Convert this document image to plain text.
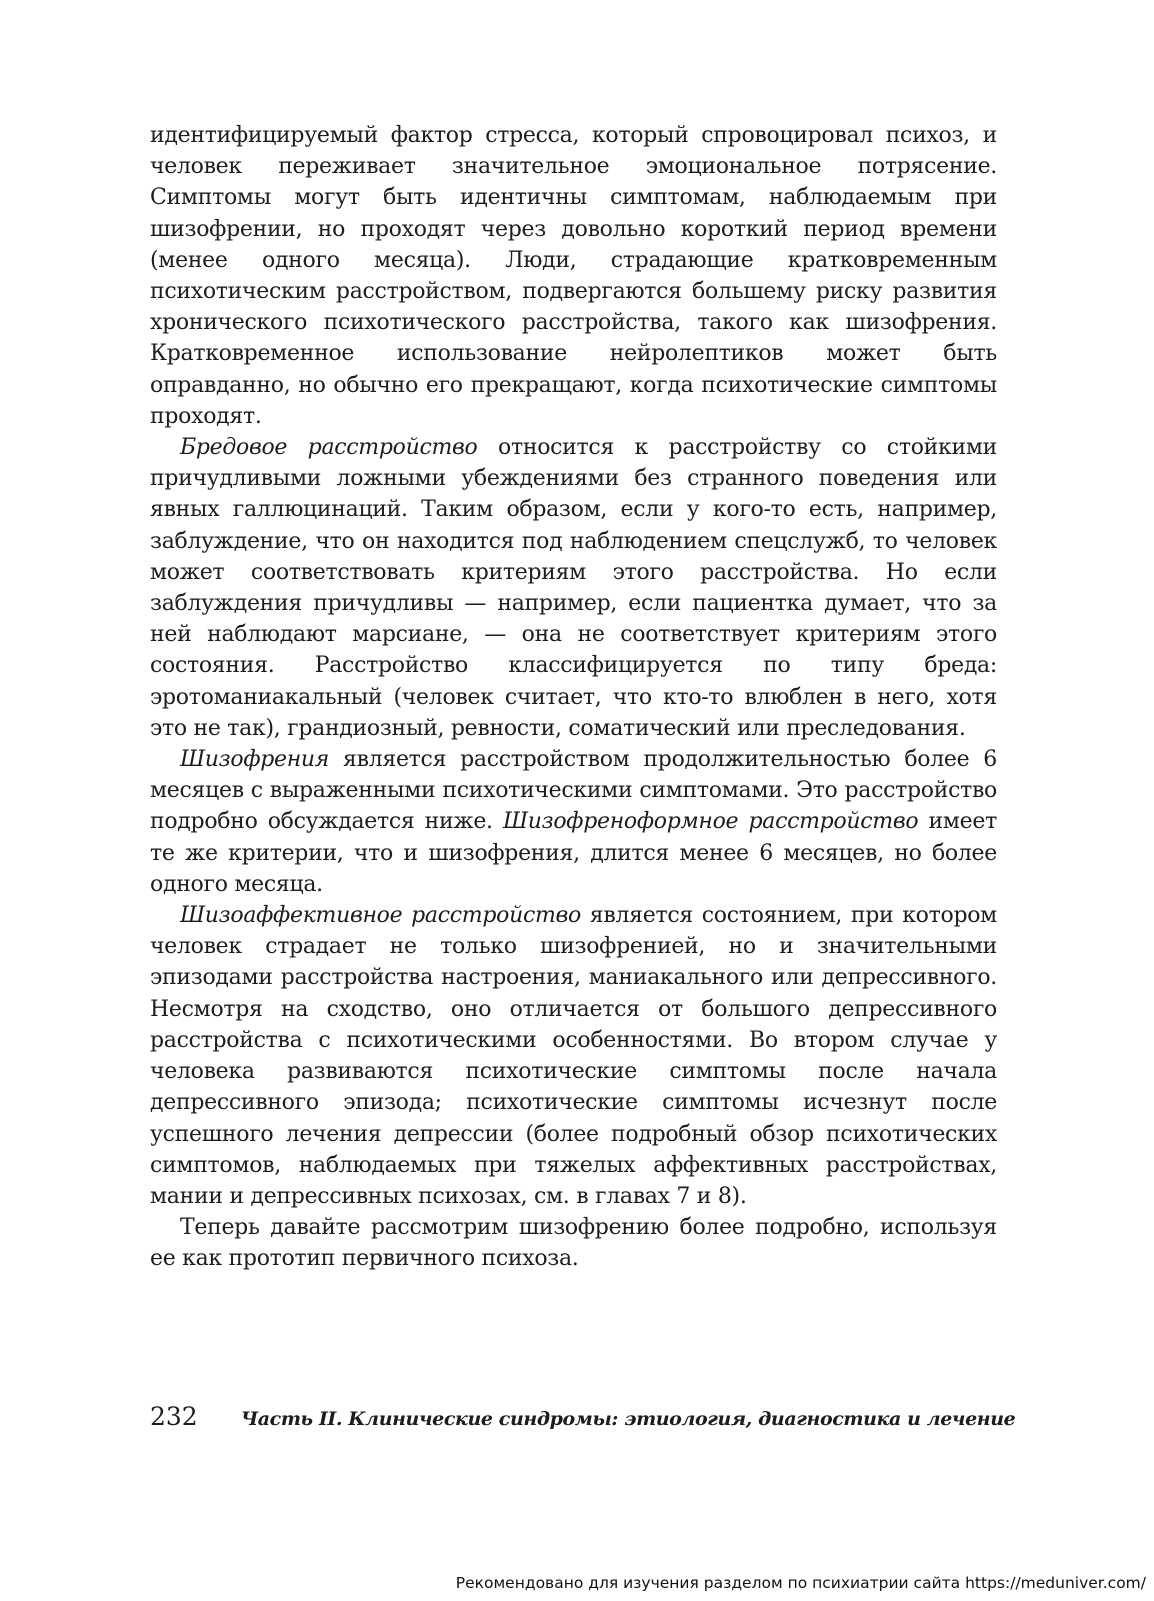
идентифицируемый фактор стресса, который спровоцировал психоз, и человек переживает значительное эмоциональное потрясение. Симптомы могут быть идентичны симптомам, наблюдаемым при шизофрении, но проходят через довольно короткий период времени (менее одного месяца). Люди, страдающие кратковременным психотическим расстройством, подвергаются большему риску развития хронического психотического расстройства, такого как шизофрения. Кратковременное использование нейролептиков может быть оправданно, но обычно его прекращают, когда психотические симптомы проходят.

Бредовое расстройство относится к расстройству со стойкими причудливыми ложными убеждениями без странного поведения или явных галлюцинаций. Таким образом, если у кого-то есть, например, заблуждение, что он находится под наблюдением спецслужб, то человек может соответствовать критериям этого расстройства. Но если заблуждения причудливы — например, если пациентка думает, что за ней наблюдают марсиане, — она не соответствует критериям этого состояния. Расстройство классифицируется по типу бреда: эротоманиакальный (человек считает, что кто-то влюблен в него, хотя это не так), грандиозный, ревности, соматический или преследования.

Шизофрения является расстройством продолжительностью более 6 месяцев с выраженными психотическими симптомами. Это расстройство подробно обсуждается ниже. Шизофреноформное расстройство имеет те же критерии, что и шизофрения, длится менее 6 месяцев, но более одного месяца.

Шизоаффективное расстройство является состоянием, при котором человек страдает не только шизофренией, но и значительными эпизодами расстройства настроения, маниакального или депрессивного. Несмотря на сходство, оно отличается от большого депрессивного расстройства с психотическими особенностями. Во втором случае у человека развиваются психотические симптомы после начала депрессивного эпизода; психотические симптомы исчезнут после успешного лечения депрессии (более подробный обзор психотических симптомов, наблюдаемых при тяжелых аффективных расстройствах, мании и депрессивных психозах, см. в главах 7 и 8).

Теперь давайте рассмотрим шизофрению более подробно, используя ее как прототип первичного психоза.

232 Часть II. Клинические синдромы: этиология, диагностика и лечение
Рекомендовано для изучения разделом по психиатрии сайта https://meduniver.com/
